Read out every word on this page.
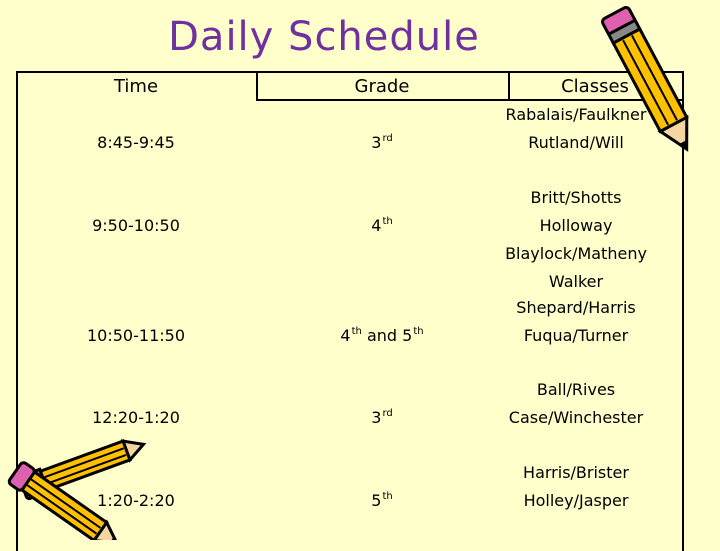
Daily Schedule
Time	Grade	Classes
8:45-9:45	3rd
Rabalais/Faulkner
Rutland/Will
9:50-10:50	4th
Britt/Shotts
Holloway
Blaylock/Matheny
Walker
10:50-11:50	4th and 5th
Shepard/Harris
Fuqua/Turner
12:20-1:20	3rd
Ball/Rives
Case/Winchester
1:20-2:20	5th
Harris/Brister
Holley/Jasper
